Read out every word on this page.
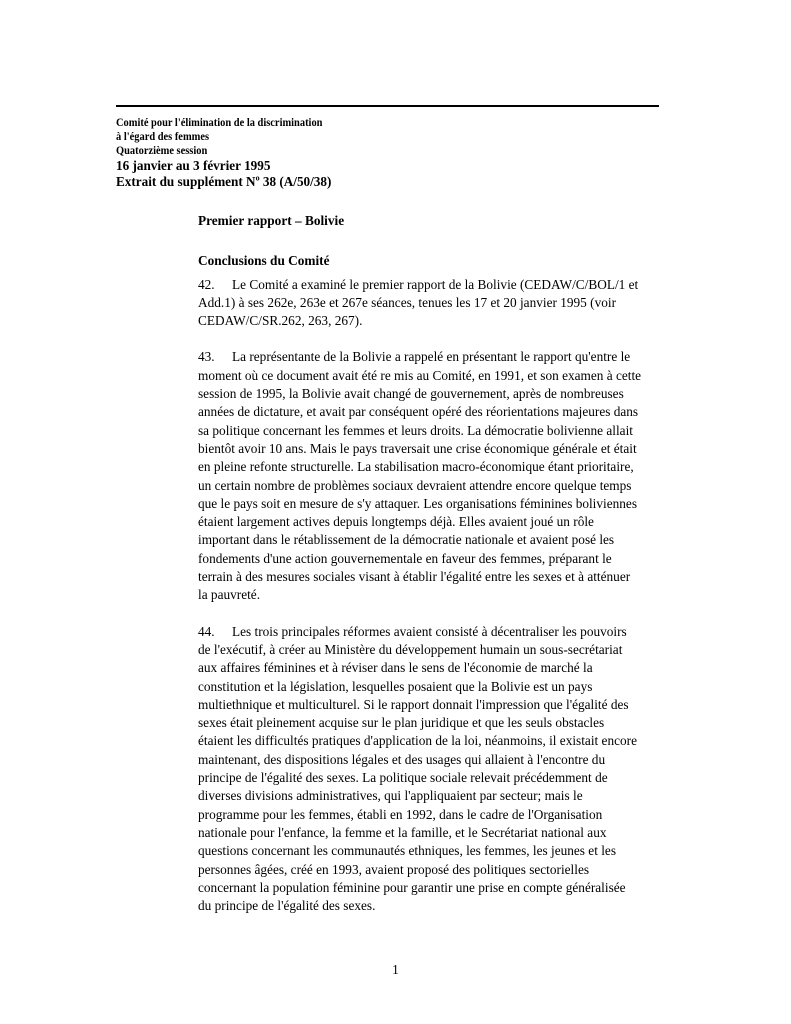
Comité pour l'élimination de la discrimination
à l'égard des femmes
Quatorzième session
16 janvier au 3 février 1995
Extrait du supplément $N^o$ 38 (A/50/38)

Premier rapport – Bolivie

Conclusions du Comité

42. Le Comité a examiné le premier rapport de la Bolivie (CEDAW/C/BOL/1 et
Add.1) à ses 262e, 263e et 267e séances, tenues les 17 et 20 janvier 1995 (voir
CEDAW/C/SR.262, 263, 267).
43. La représentante de la Bolivie a rappelé en présentant le rapport qu'entre le
moment où ce document avait été re mis au Comité, en 1991, et son examen à cette
session de 1995, la Bolivie avait changé de gouvernement, après de nombreuses
années de dictature, et avait par conséquent opéré des réorientations majeures dans
sa politique concernant les femmes et leurs droits. La démocratie bolivienne allait
bientôt avoir 10 ans. Mais le pays traversait une crise économique générale et était
en pleine refonte structurelle. La stabilisation macro-économique étant prioritaire,
un certain nombre de problèmes sociaux devraient attendre encore quelque temps
que le pays soit en mesure de s'y attaquer. Les organisations féminines boliviennes
étaient largement actives depuis longtemps déjà. Elles avaient joué un rôle
important dans le rétablissement de la démocratie nationale et avaient posé les
fondements d'une action gouvernementale en faveur des femmes, préparant le
terrain à des mesures sociales visant à établir l'égalité entre les sexes et à atténuer
la pauvreté.
44. Les trois principales réformes avaient consisté à décentraliser les pouvoirs
de l'exécutif, à créer au Ministère du développement humain un sous-secrétariat
aux affaires féminines et à réviser dans le sens de l'économie de marché la
constitution et la législation, lesquelles posaient que la Bolivie est un pays
multiethnique et multiculturel. Si le rapport donnait l'impression que l'égalité des
sexes était pleinement acquise sur le plan juridique et que les seuls obstacles
étaient les difficultés pratiques d'application de la loi, néanmoins, il existait encore
maintenant, des dispositions légales et des usages qui allaient à l'encontre du
principe de l'égalité des sexes. La politique sociale relevait précédemment de
diverses divisions administratives, qui l'appliquaient par secteur; mais le
programme pour les femmes, établi en 1992, dans le cadre de l'Organisation
nationale pour l'enfance, la femme et la famille, et le Secrétariat national aux
questions concernant les communautés ethniques, les femmes, les jeunes et les
personnes âgées, créé en 1993, avaient proposé des politiques sectorielles
concernant la population féminine pour garantir une prise en compte généralisée
du principe de l'égalité des sexes.
1
